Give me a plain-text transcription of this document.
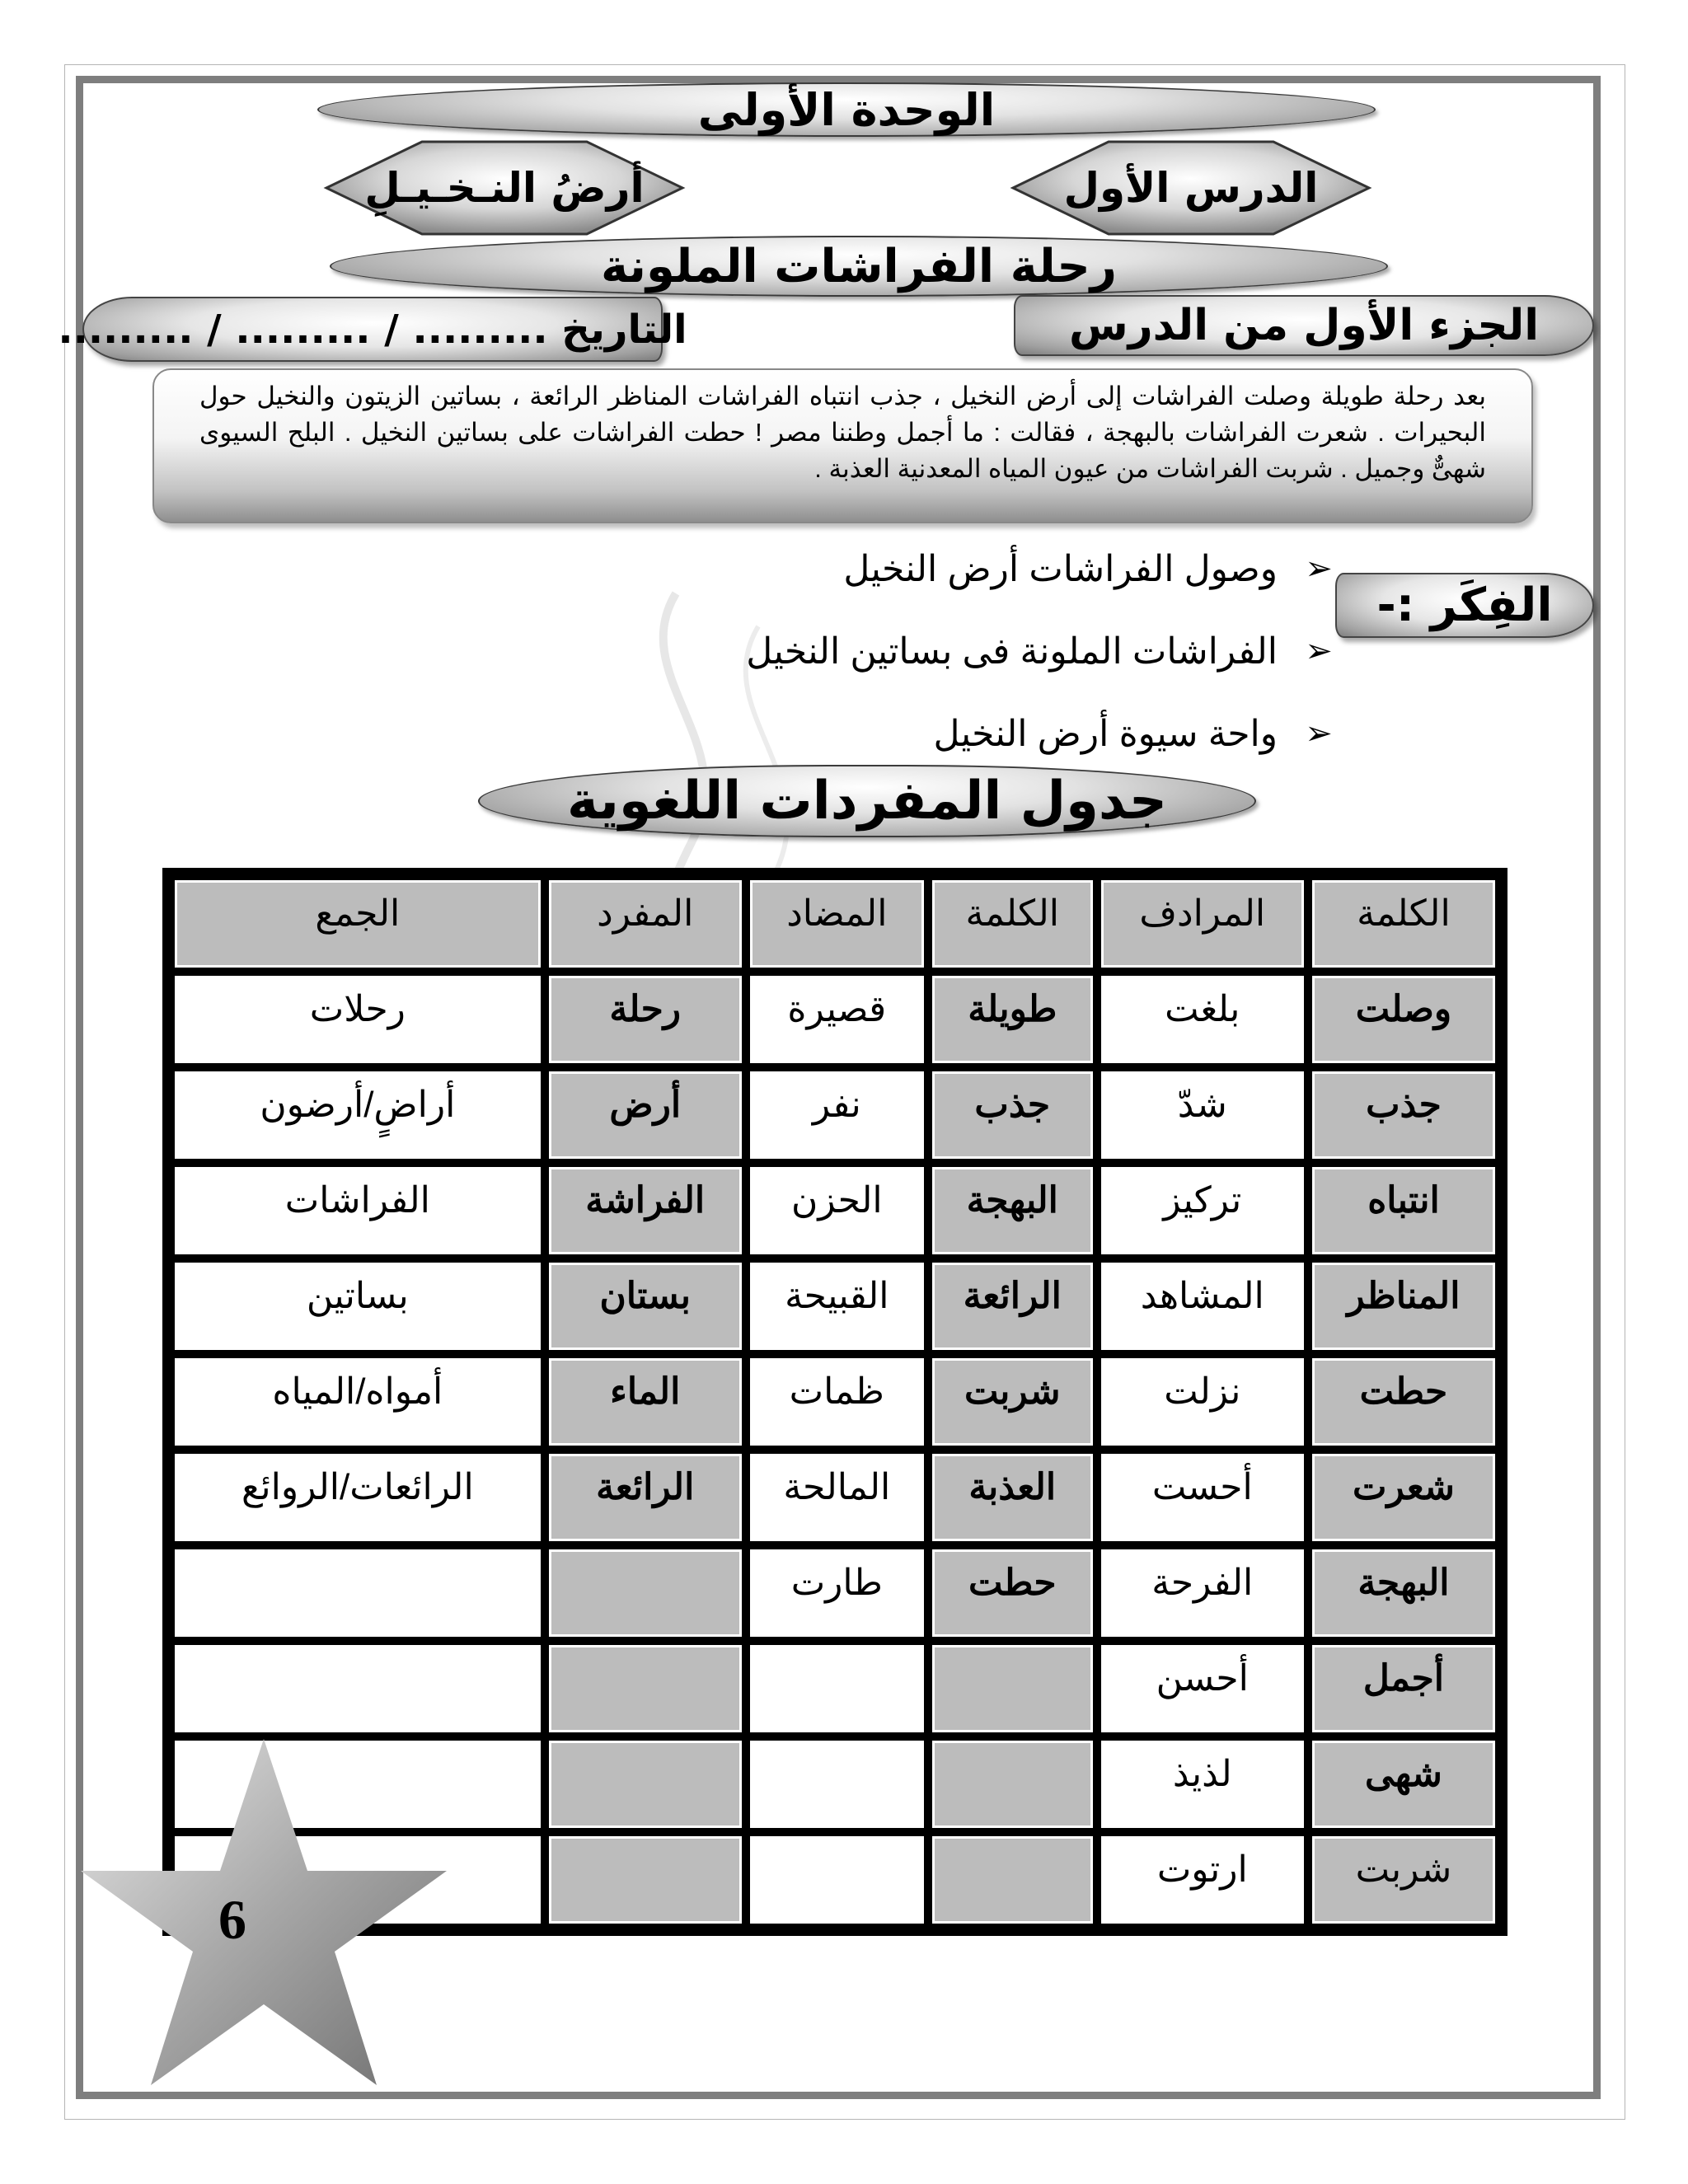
الوحدة الأولى
أرضُ النـخـيـلِ	الدرس الأول
رحلة الفراشات الملونة
التاريخ ......... / ......... / .........	الجزء الأول من الدرس
بعد رحلة طويلة وصلت الفراشات إلى أرض النخيل ، جذب انتباه الفراشات المناظر الرائعة ، بساتين الزيتون والنخيل حول البحيرات . شعرت الفراشات بالبهجة ، فقالت : ما أجمل وطننا مصر ! حطت الفراشات على بساتين النخيل . البلح السيوى شهىٌّ وجميل . شربت الفراشات من عيون المياه المعدنية العذبة .
الفِكَر :-
➢
وصول الفراشات أرض النخيل
➢
الفراشات الملونة فى بساتين النخيل
➢
واحة سيوة أرض النخيل
جدول المفردات اللغوية
الكلمة	المرادف	الكلمة	المضاد	المفرد	الجمع
وصلت	بلغت	طويلة	قصيرة	رحلة	رحلات
جذب	شدّ	جذب	نفر	أرض	أراضٍ/أرضون
انتباه	تركيز	البهجة	الحزن	الفراشة	الفراشات
المناظر	المشاهد	الرائعة	القبيحة	بستان	بساتين
حطت	نزلت	شربت	ظمات	الماء	أمواه/المياه
شعرت	أحست	العذبة	المالحة	الرائعة	الرائعات/الروائع
البهجة	الفرحة	حطت	طارت		
أجمل	أحسن				
شهى	لذيذ				
شربت	ارتوت				
6
